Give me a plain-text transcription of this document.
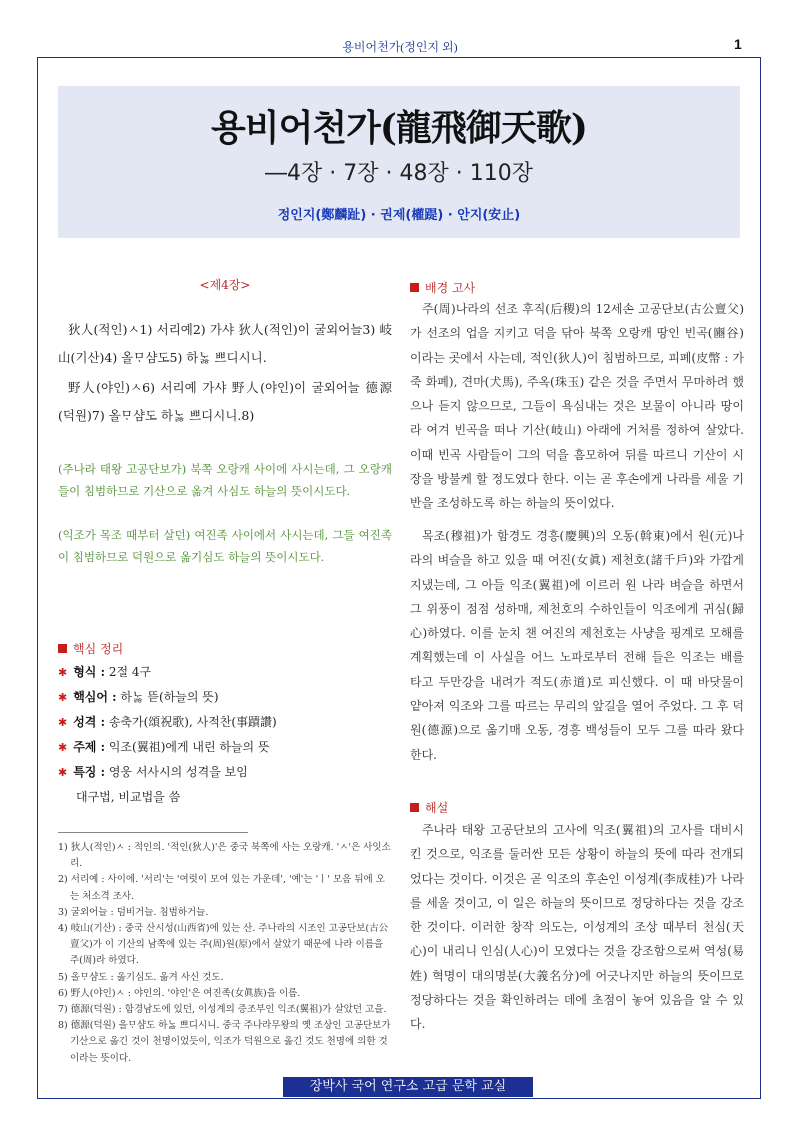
용비어천가(정인지 외)	1
용비어천가(龍飛御天歌)
―4장 · 7장 · 48장 · 110장
정인지(鄭麟趾) · 권제(權踶) · 안지(安止)
<제4장>
狄人(적인)ㅅ1) 서리예2) 가샤 狄人(적인)이 굴외어늘3) 岐山(기산)4) 올ᄆᆞ샴도5) 하ᄂᆞᆶ 쁘디시니.
野人(야인)ㅅ6) 서리예 가샤 野人(야인)이 굴외어늘 德源(덕원)7) 올ᄆᆞ샴도 하ᄂᆞᆶ 쁘디시니.8)
(주나라 태왕 고공단보가) 북쪽 오랑캐 사이에 사시는데, 그 오랑캐들이 침범하므로 기산으로 옮겨 사심도 하늘의 뜻이시도다.
(익조가 목조 때부터 살던) 여진족 사이에서 사시는데, 그들 여진족이 침범하므로 덕원으로 옮기심도 하늘의 뜻이시도다.
핵심 정리
✱ 형식 : 2절 4구
✱ 핵심어 : 하ᄂᆞᆶ 뜯(하늘의 뜻)
✱ 성격 : 송축가(頌祝歌), 사적찬(事蹟讚)
✱ 주제 : 익조(翼祖)에게 내린 하늘의 뜻
✱ 특징 : 영웅 서사시의 성격을 보임
대구법, 비교법을 씀
1) 狄人(적인)ㅅ : 적인의. '적인(狄人)'은 중국 북쪽에 사는 오랑캐. 'ㅅ'은 사잇소리.
2) 서리예 : 사이에. '서리'는 '여럿이 모여 있는 가운데', '예'는 'ㅣ' 모음 뒤에 오는 처소격 조사.
3) 굴외어늘 : 덤비거늘. 침범하거늘.
4) 岐山(기산) : 중국 산시성(山西省)에 있는 산. 주나라의 시조인 고공단보(古公亶父)가 이 기산의 남쪽에 있는 주(周)원(原)에서 살았기 때문에 나라 이름을 주(周)라 하였다.
5) 올ᄆᆞ샴도 : 옮기심도. 옮겨 사신 것도.
6) 野人(야인)ㅅ : 야인의. '야인'은 여진족(女眞族)을 이름.
7) 德源(덕원) : 함경남도에 있던, 이성계의 증조부인 익조(翼祖)가 살았던 고을.
8) 德源(덕원) 올ᄆᆞ샴도 하ᄂᆞᆶ 쁘디시니. 중국 주나라무왕의 옛 조상인 고공단보가 기산으로 옮긴 것이 천명이었듯이, 익조가 덕원으로 옮긴 것도 천명에 의한 것이라는 뜻이다.
배경 고사
주(周)나라의 선조 후직(后稷)의 12세손 고공단보(古公亶父)가 선조의 업을 지키고 덕을 닦아 북쪽 오랑캐 땅인 빈곡(豳谷)이라는 곳에서 사는데, 적인(狄人)이 침범하므로, 피폐(皮幣 : 가죽 화폐), 견마(犬馬), 주옥(珠玉) 같은 것을 주면서 무마하려 했으나 듣지 않으므로, 그들이 욕심내는 것은 보물이 아니라 땅이라 여겨 빈곡을 떠나 기산(岐山) 아래에 거처를 정하여 살았다. 이때 빈곡 사람들이 그의 덕을 흠모하여 뒤를 따르니 기산이 시장을 방불케 할 정도였다 한다. 이는 곧 후손에게 나라를 세울 기반을 조성하도록 하는 하늘의 뜻이었다.
목조(穆祖)가 함경도 경흥(慶興)의 오동(斡東)에서 원(元)나라의 벼슬을 하고 있을 때 여진(女眞) 제천호(諸千戶)와 가깝게 지냈는데, 그 아들 익조(翼祖)에 이르러 원 나라 벼슬을 하면서 그 위풍이 점점 성하매, 제천호의 수하인들이 익조에게 귀심(歸心)하였다. 이를 눈치 챈 여진의 제천호는 사냥을 핑계로 모해를 계획했는데 이 사실을 어느 노파로부터 전해 들은 익조는 배를 타고 두만강을 내려가 적도(赤道)로 피신했다. 이 때 바닷물이 얕아져 익조와 그를 따르는 무리의 앞길을 열어 주었다. 그 후 덕원(德源)으로 옮기매 오동, 경흥 백성들이 모두 그를 따라 왔다 한다.
해설
주나라 태왕 고공단보의 고사에 익조(翼祖)의 고사를 대비시킨 것으로, 익조를 둘러싼 모든 상황이 하늘의 뜻에 따라 전개되었다는 것이다. 이것은 곧 익조의 후손인 이성계(李成桂)가 나라를 세울 것이고, 이 일은 하늘의 뜻이므로 정당하다는 것을 강조한 것이다. 이러한 창작 의도는, 이성계의 조상 때부터 천심(天心)이 내리니 인심(人心)이 모였다는 것을 강조함으로써 역성(易姓) 혁명이 대의명분(大義名分)에 어긋나지만 하늘의 뜻이므로 정당하다는 것을 확인하려는 데에 초점이 놓여 있음을 알 수 있다.
장박사 국어 연구소 고급 문학 교실
